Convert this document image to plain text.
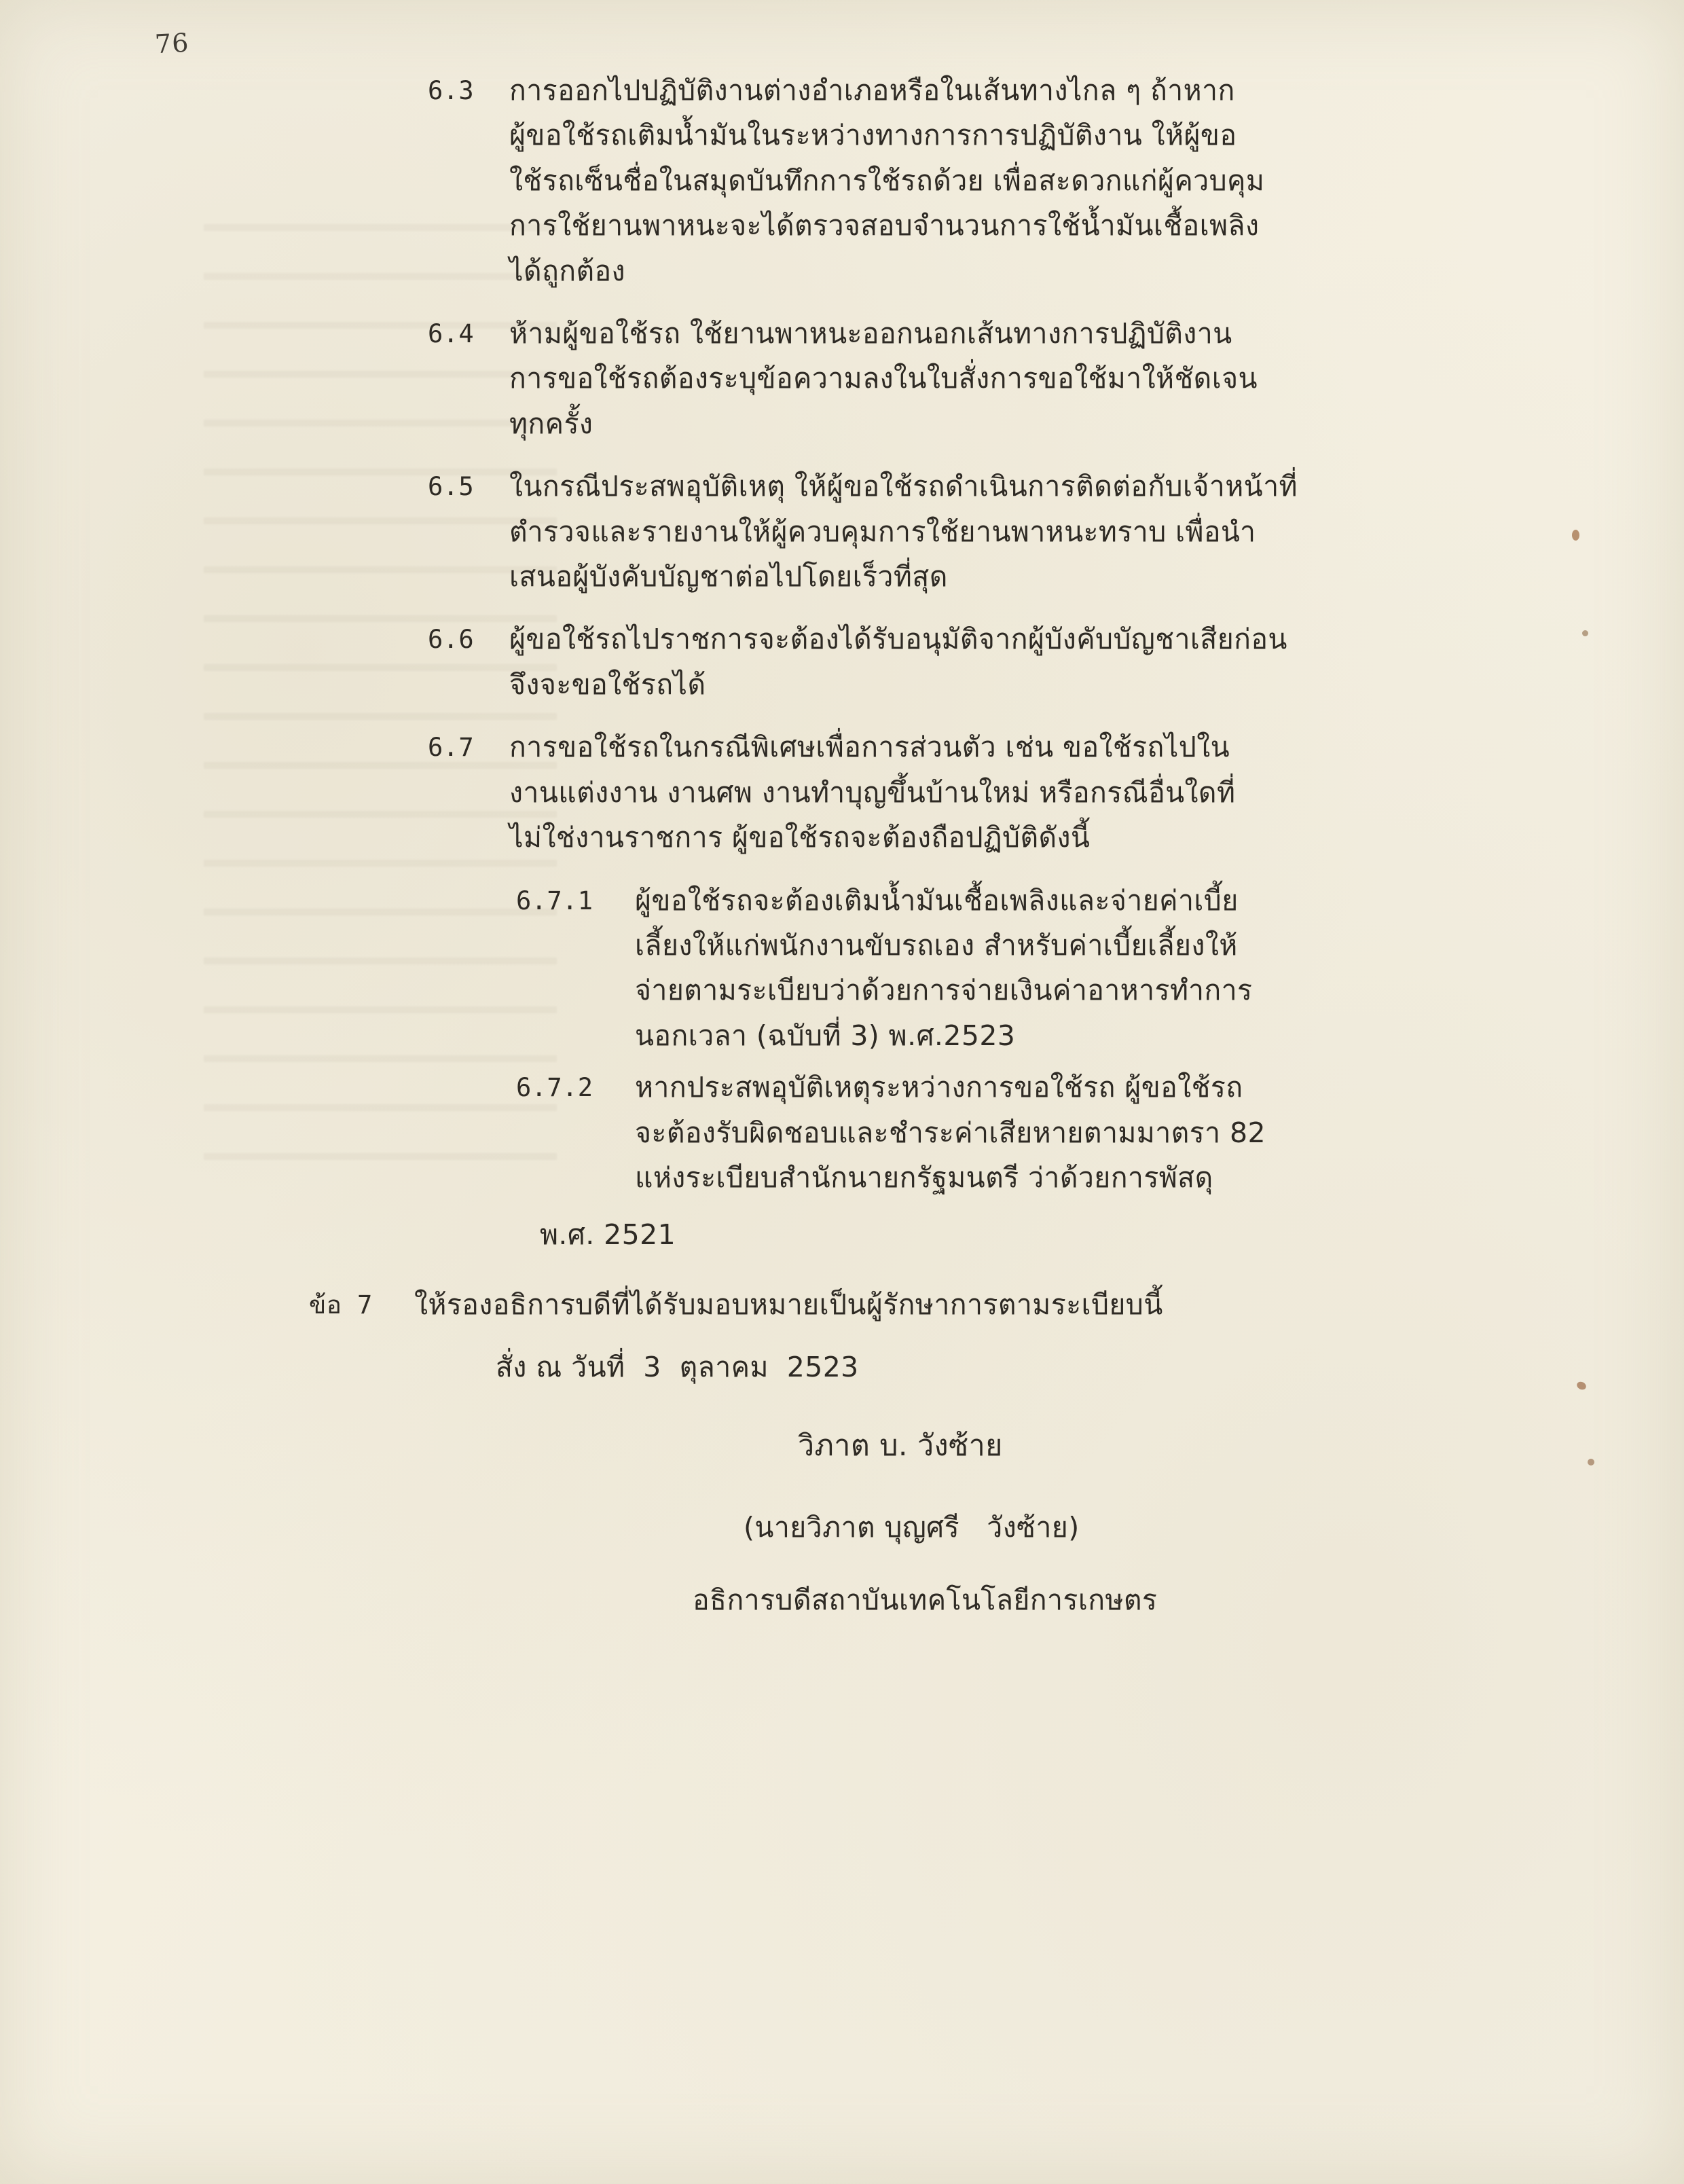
76
6.3	การออกไปปฏิบัติงานต่างอำเภอหรือในเส้นทางไกล ๆ ถ้าหาก
ผู้ขอใช้รถเติมน้ำมันในระหว่างทางการการปฏิบัติงาน ให้ผู้ขอ
ใช้รถเซ็นชื่อในสมุดบันทึกการใช้รถด้วย เพื่อสะดวกแก่ผู้ควบคุม
การใช้ยานพาหนะจะได้ตรวจสอบจำนวนการใช้น้ำมันเชื้อเพลิง
ได้ถูกต้อง
6.4	ห้ามผู้ขอใช้รถ ใช้ยานพาหนะออกนอกเส้นทางการปฏิบัติงาน
การขอใช้รถต้องระบุข้อความลงในใบสั่งการขอใช้มาให้ชัดเจน
ทุกครั้ง
6.5	ในกรณีประสพอุบัติเหตุ ให้ผู้ขอใช้รถดำเนินการติดต่อกับเจ้าหน้าที่
ตำรวจและรายงานให้ผู้ควบคุมการใช้ยานพาหนะทราบ เพื่อนำ
เสนอผู้บังคับบัญชาต่อไปโดยเร็วที่สุด
6.6	ผู้ขอใช้รถไปราชการจะต้องได้รับอนุมัติจากผู้บังคับบัญชาเสียก่อน
จึงจะขอใช้รถได้
6.7	การขอใช้รถในกรณีพิเศษเพื่อการส่วนตัว เช่น ขอใช้รถไปใน
งานแต่งงาน งานศพ งานทำบุญขึ้นบ้านใหม่ หรือกรณีอื่นใดที่
ไม่ใช่งานราชการ ผู้ขอใช้รถจะต้องถือปฏิบัติดังนี้
6.7.1	ผู้ขอใช้รถจะต้องเติมน้ำมันเชื้อเพลิงและจ่ายค่าเบี้ย
เลี้ยงให้แก่พนักงานขับรถเอง สำหรับค่าเบี้ยเลี้ยงให้
จ่ายตามระเบียบว่าด้วยการจ่ายเงินค่าอาหารทำการ
นอกเวลา (ฉบับที่ 3) พ.ศ.2523
6.7.2	หากประสพอุบัติเหตุระหว่างการขอใช้รถ ผู้ขอใช้รถ
จะต้องรับผิดชอบและชำระค่าเสียหายตามมาตรา 82
แห่งระเบียบสำนักนายกรัฐมนตรี ว่าด้วยการพัสดุ
พ.ศ. 2521
ข้อ 7	ให้รองอธิการบดีที่ได้รับมอบหมายเป็นผู้รักษาการตามระเบียบนี้
สั่ง ณ วันที่  3  ตุลาคม  2523
วิภาต บ. วังซ้าย
(นายวิภาต บุญศรี   วังซ้าย)
อธิการบดีสถาบันเทคโนโลยีการเกษตร
